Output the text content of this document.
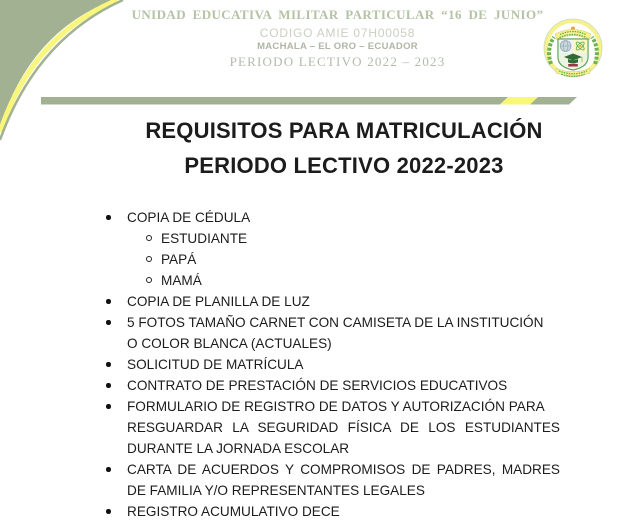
UNIDAD EDUCATIVA MILITAR PARTICULAR “16 DE JUNIO”
CODIGO AMIE 07H00058
MACHALA – EL ORO – ECUADOR
PERIODO LECTIVO 2022 – 2023
REQUISITOS PARA MATRICULACIÓN
PERIODO LECTIVO 2022-2023
COPIA DE CÉDULA
ESTUDIANTE
PAPÁ
MAMÁ
COPIA DE PLANILLA DE LUZ
5 FOTOS TAMAÑO CARNET CON CAMISETA DE LA INSTITUCIÓN
O COLOR BLANCA (ACTUALES)
SOLICITUD DE MATRÍCULA
CONTRATO DE PRESTACIÓN DE SERVICIOS EDUCATIVOS
FORMULARIO DE REGISTRO DE DATOS Y AUTORIZACIÓN PARA
RESGUARDAR LA SEGURIDAD FÍSICA DE LOS ESTUDIANTES
DURANTE LA JORNADA ESCOLAR
CARTA DE ACUERDOS Y COMPROMISOS DE PADRES, MADRES
DE FAMILIA Y/O REPRESENTANTES LEGALES
REGISTRO ACUMULATIVO DECE
